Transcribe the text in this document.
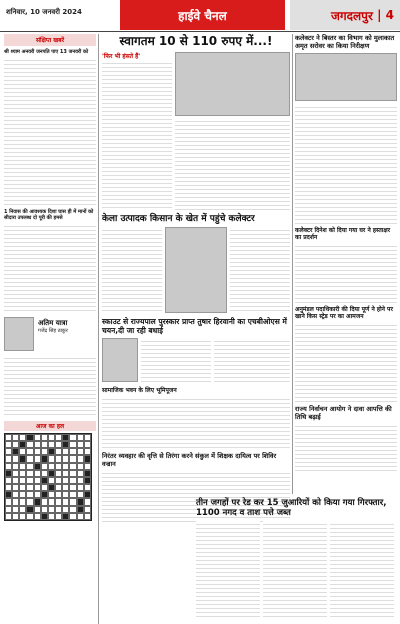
शनिवार, 10 जनवरी 2024	हाईवे चैनल	जगदलपुर | 4
संक्षिप्त खबरें
श्री श्याम अनवरी जनपति पाए 13 जनवरी को
1 निवास की आवश्यक दिशा घास ही में मानों को सीदारा उपलब्ध दो पूरी की हमसे
अतिम यात्रा
गजेंद्र सिंह ठाकुर
आज का हल
स्वागतम 10 से 110 रुपए में...!
'फिर भी हंसते हैं'
केला उत्पादक किसान के खेत में पहुंचे कलेक्टर
स्काउट से राज्यपाल पुरस्कार प्राप्त तुषार हिरवानी का एचबीओएस में चयन,दी जा रही बधाई
सामाजिक भवन के लिए भूमिपूजन
निरंतर व्यवहार की वृत्ति से तिरंगा करने संकुल में शिक्षक दायित्व पर शिविर वज्रान
कलेक्टर ने बिस्तर का विभाग को मुलाकात अमृत सरोवर का किया निरीक्षण
कलेक्टर दिनेश को दिया गया घर ने हस्ताक्षर का प्रदर्शन
अनुमंडल पदाधिकारी की दिया पूर्ण ने होने पर खाने किस स्ट्रेड पर का आमजन
राज्य निर्वाचन आयोग ने दावा आपत्ति की तिथि बढ़ाई
तीन जगहों पर रेड कर 15 जुआरियों को किया गया गिरफ्तार, 1100 नगद व ताश पत्ते जब्त
